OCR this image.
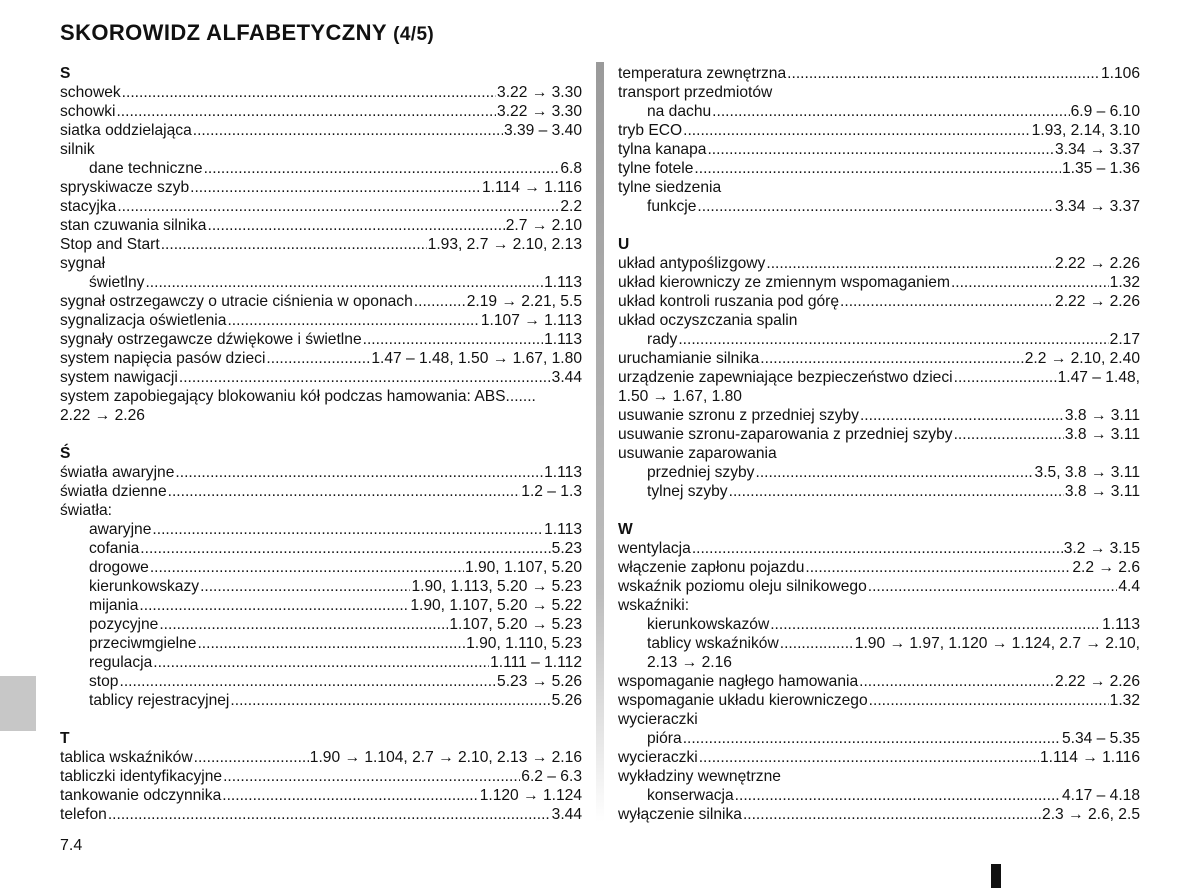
SKOROWIDZ ALFABETYCZNY (4/5)
S
schowek .....	3.22 → 3.30
schowki .....	3.22 → 3.30
siatka oddzielająca .....	3.39 – 3.40
silnik
dane techniczne .....	6.8
spryskiwacze szyb .....	1.114 → 1.116
stacyjka .....	2.2
stan czuwania silnika .....	2.7 → 2.10
Stop and Start .....	1.93, 2.7 → 2.10, 2.13
sygnał
świetlny .....	1.113
sygnał ostrzegawczy o utracie ciśnienia w oponach .....	2.19 → 2.21, 5.5
sygnalizacja oświetlenia .....	1.107 → 1.113
sygnały ostrzegawcze dźwiękowe i świetlne .....	1.113
system napięcia pasów dzieci .....	1.47 – 1.48, 1.50 → 1.67, 1.80
system nawigacji .....	3.44
system zapobiegający blokowaniu kół podczas hamowania: ABS.......
2.22 → 2.26
Ś
światła awaryjne .....	1.113
światła dzienne .....	1.2 – 1.3
światła:
awaryjne .....	1.113
cofania .....	5.23
drogowe .....	1.90, 1.107, 5.20
kierunkowskazy .....	1.90, 1.113, 5.20 → 5.23
mijania .....	1.90, 1.107, 5.20 → 5.22
pozycyjne .....	1.107, 5.20 → 5.23
przeciwmgielne .....	1.90, 1.110, 5.23
regulacja .....	1.111 – 1.112
stop .....	5.23 → 5.26
tablicy rejestracyjnej .....	5.26
T
tablica wskaźników .....	1.90 → 1.104, 2.7 → 2.10, 2.13 → 2.16
tabliczki identyfikacyjne .....	6.2 – 6.3
tankowanie odczynnika .....	1.120 → 1.124
telefon .....	3.44
temperatura zewnętrzna .....	1.106
transport przedmiotów
na dachu .....	6.9 – 6.10
tryb ECO .....	1.93, 2.14, 3.10
tylna kanapa .....	3.34 → 3.37
tylne fotele .....	1.35 – 1.36
tylne siedzenia
funkcje .....	3.34 → 3.37
U
układ antypoślizgowy .....	2.22 → 2.26
układ kierowniczy ze zmiennym wspomaganiem .....	1.32
układ kontroli ruszania pod górę .....	2.22 → 2.26
układ oczyszczania spalin
rady .....	2.17
uruchamianie silnika .....	2.2 → 2.10, 2.40
urządzenie zapewniające bezpieczeństwo dzieci .....	1.47 – 1.48,
1.50 → 1.67, 1.80
usuwanie szronu z przedniej szyby .....	3.8 → 3.11
usuwanie szronu-zaparowania z przedniej szyby .....	3.8 → 3.11
usuwanie zaparowania
przedniej szyby .....	3.5, 3.8 → 3.11
tylnej szyby .....	3.8 → 3.11
W
wentylacja .....	3.2 → 3.15
włączenie zapłonu pojazdu .....	2.2 → 2.6
wskaźnik poziomu oleju silnikowego .....	4.4
wskaźniki:
kierunkowskazów .....	1.113
tablicy wskaźników .....	1.90 → 1.97, 1.120 → 1.124, 2.7 → 2.10,
2.13 → 2.16
wspomaganie nagłego hamowania .....	2.22 → 2.26
wspomaganie układu kierowniczego .....	1.32
wycieraczki
pióra .....	5.34 – 5.35
wycieraczki .....	1.114 → 1.116
wykładziny wewnętrzne
konserwacja .....	4.17 – 4.18
wyłączenie silnika .....	2.3 → 2.6, 2.5
7.4
